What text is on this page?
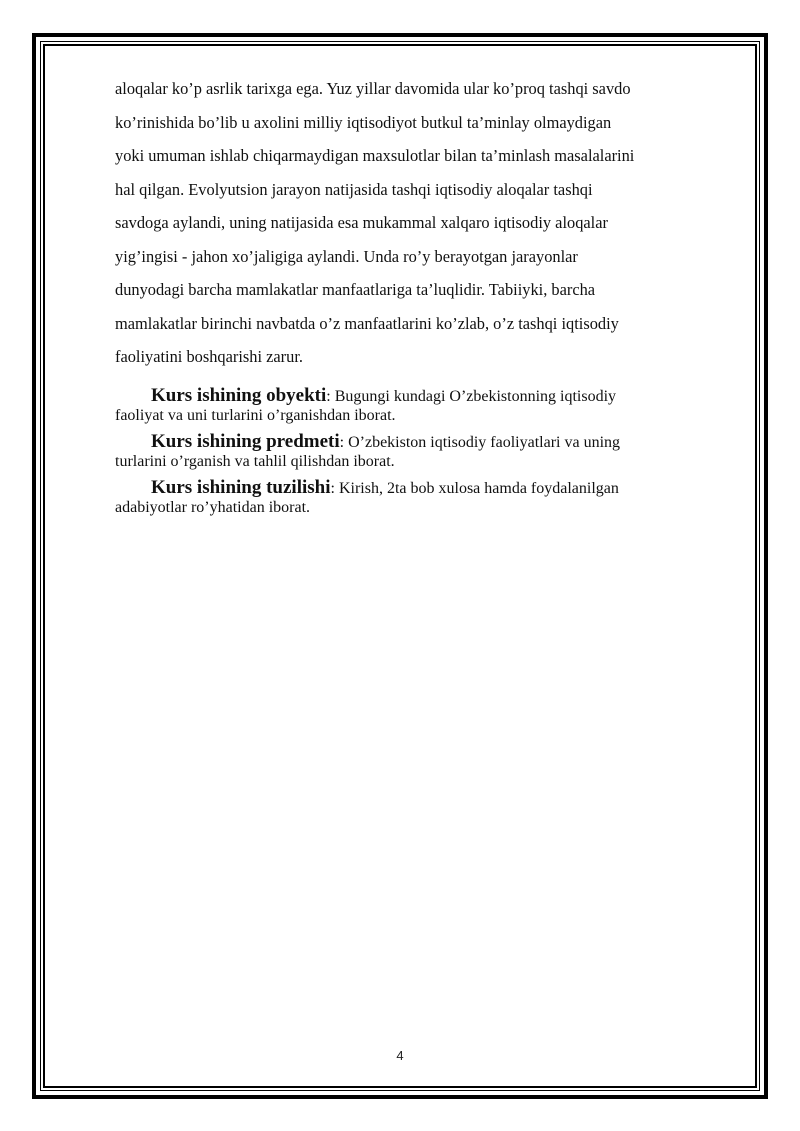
aloqalar ko’p asrlik tarixga ega. Yuz yillar davomida ular ko’proq tashqi savdo
ko’rinishida bo’lib u axolini milliy iqtisodiyot butkul ta’minlay olmaydigan
yoki umuman ishlab chiqarmaydigan maxsulotlar bilan ta’minlash masalalarini
hal qilgan. Evolyutsion jarayon natijasida tashqi iqtisodiy aloqalar tashqi
savdoga aylandi, uning natijasida esa mukammal xalqaro iqtisodiy aloqalar
yig’ingisi - jahon xo’jaligiga aylandi. Unda ro’y berayotgan jarayonlar
dunyodagi barcha mamlakatlar manfaatlariga ta’luqlidir. Tabiiyki, barcha
mamlakatlar birinchi navbatda o’z manfaatlarini ko’zlab, o’z tashqi iqtisodiy
faoliyatini boshqarishi zarur.

Kurs ishining obyekti: Bugungi kundagi O’zbekistonning iqtisodiy

faoliyat va uni turlarini o’rganishdan iborat.

Kurs ishining predmeti: O’zbekiston iqtisodiy faoliyatlari va uning

turlarini o’rganish va tahlil qilishdan iborat.

Kurs ishining tuzilishi: Kirish, 2ta bob xulosa hamda foydalanilgan

adabiyotlar ro’yhatidan iborat.

4
